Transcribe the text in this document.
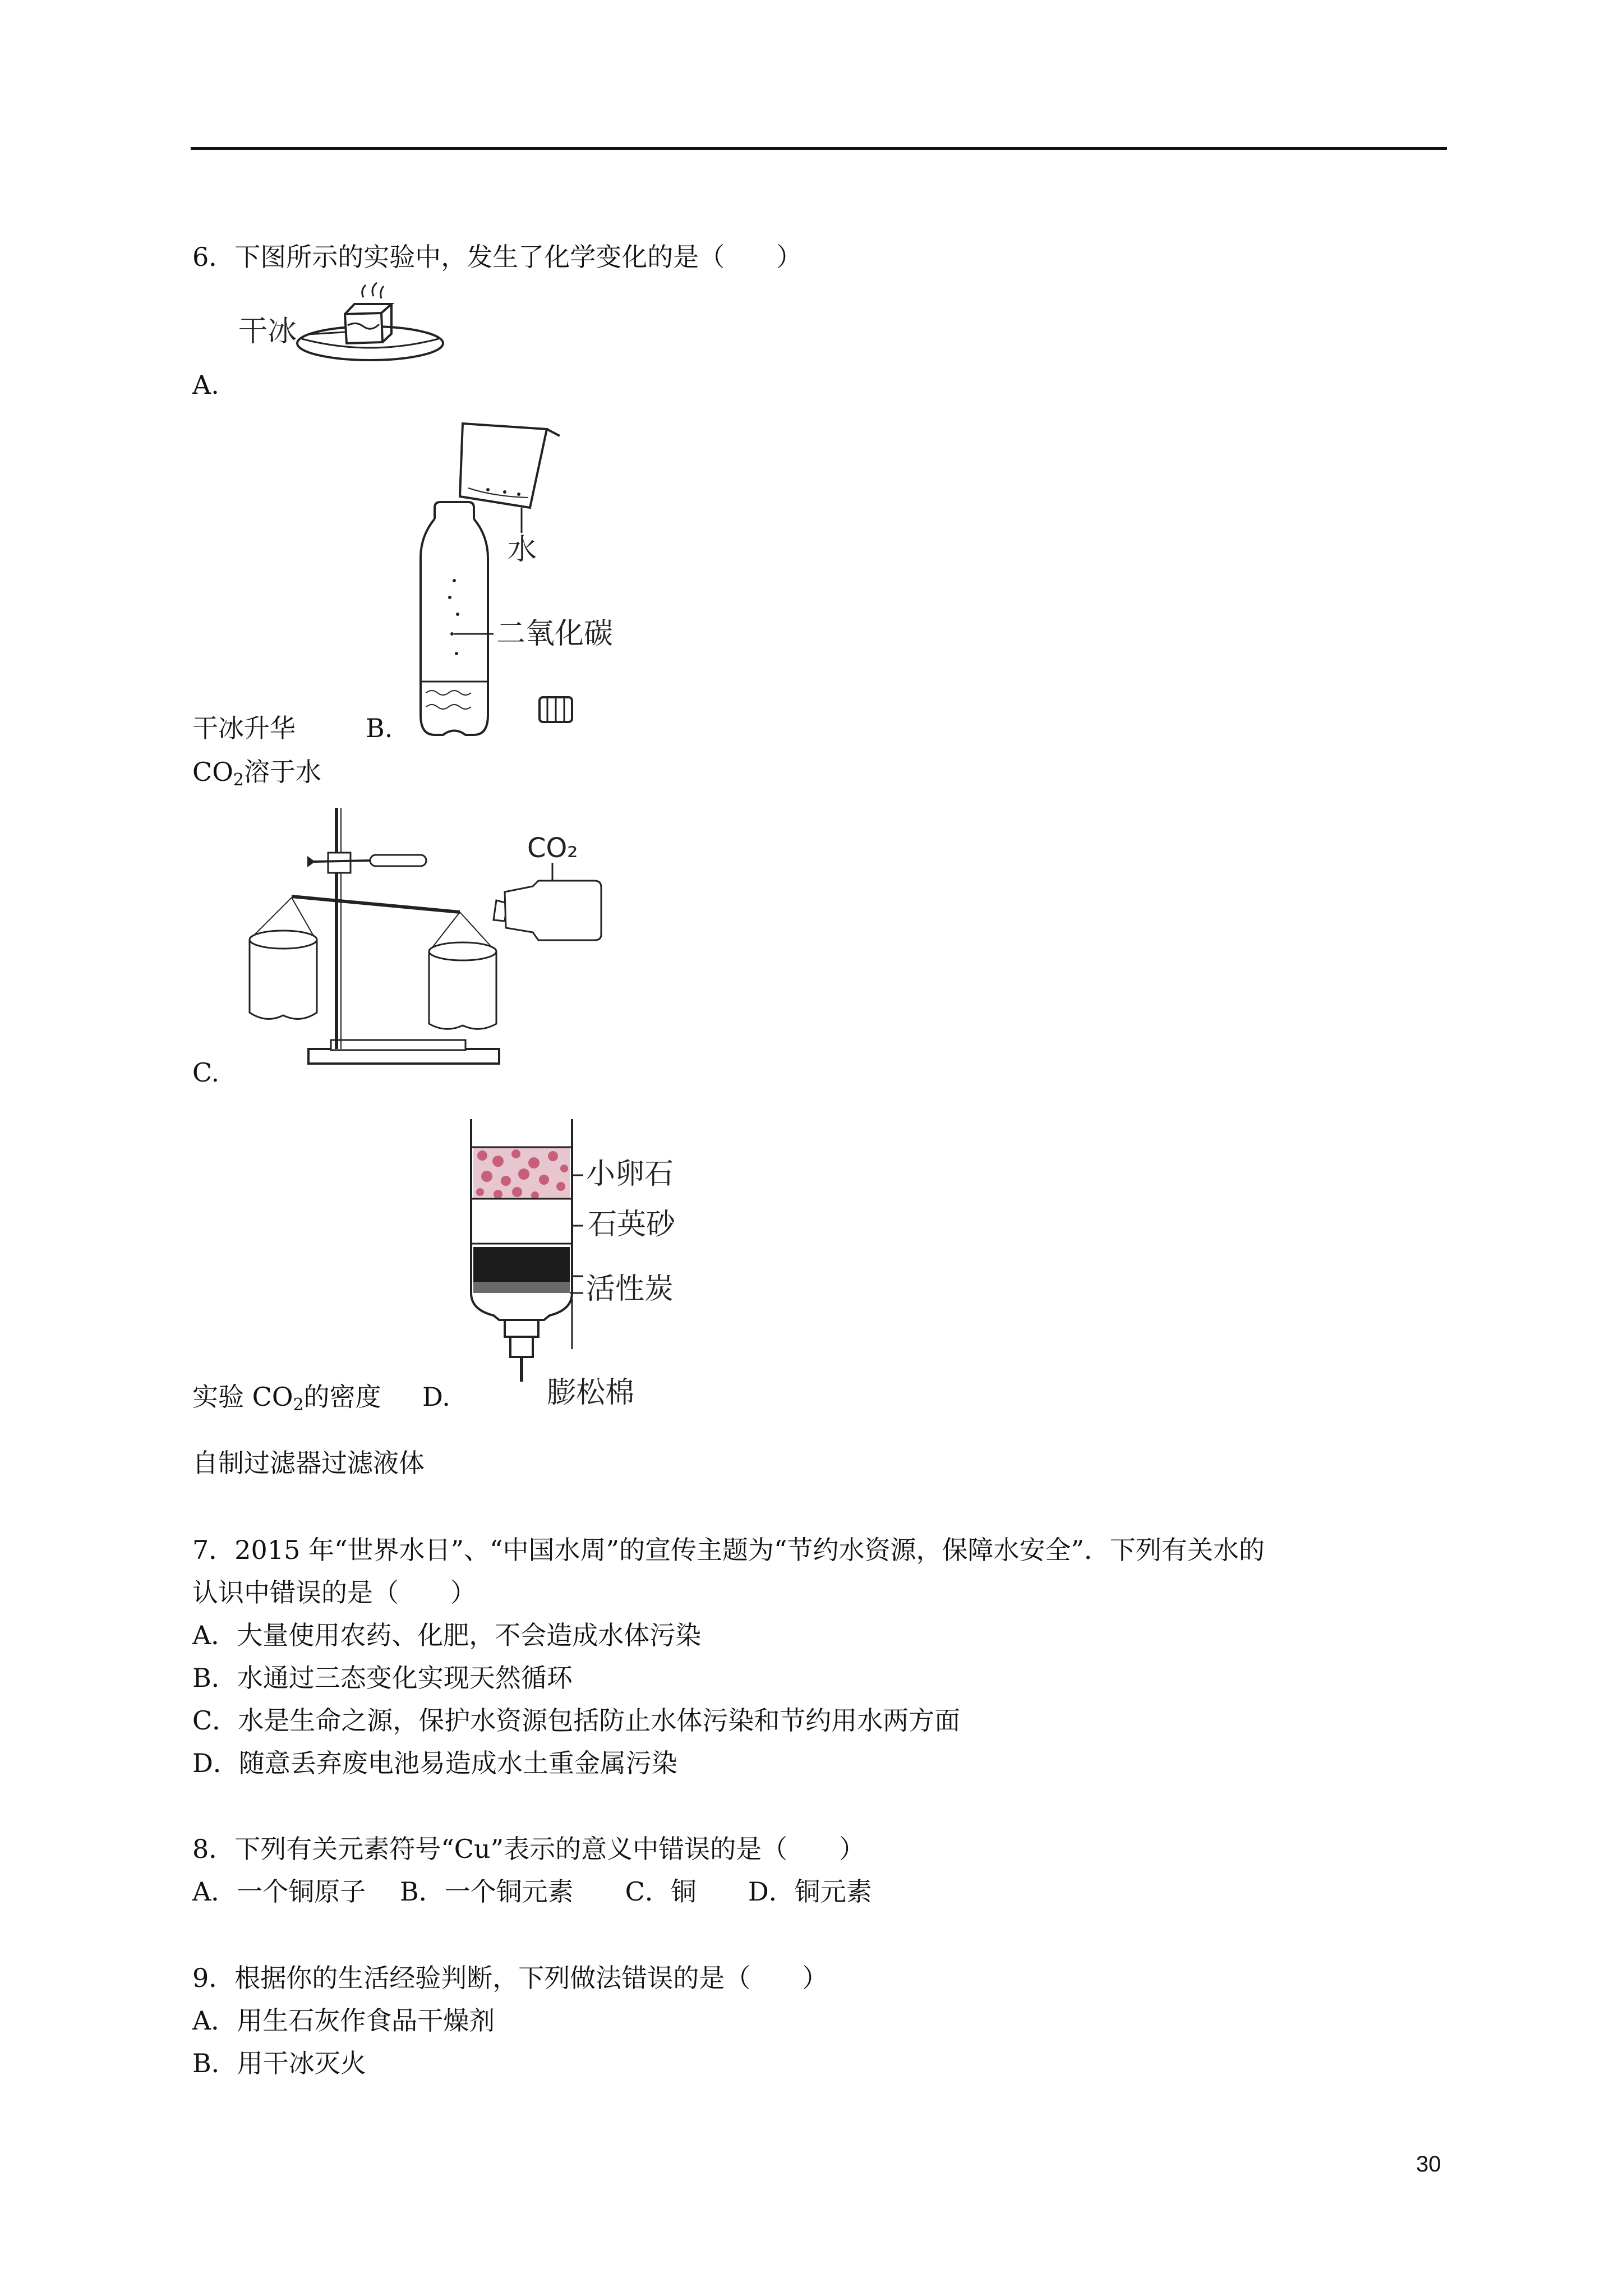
6．下图所示的实验中，发生了化学变化的是（　　）
干冰
A.
水
二氧化碳
干冰升华	B.
$CO_2$溶于水
CO₂
C.
小卵石
石英砂
活性炭
膨松棉
实验 $CO_2$的密度 D.
自制过滤器过滤液体
7．2015 年“世界水日”、“中国水周”的宣传主题为“节约水资源，保障水安全”．下列有关水的
认识中错误的是（　　）
A．大量使用农药、化肥，不会造成水体污染
B．水通过三态变化实现天然循环
C．水是生命之源，保护水资源包括防止水体污染和节约用水两方面
D．随意丢弃废电池易造成水土重金属污染
8．下列有关元素符号“Cu”表示的意义中错误的是（　　）
A．一个铜原子　 B．一个铜元素　　C．铜　　D．铜元素
9．根据你的生活经验判断，下列做法错误的是（　　）
A．用生石灰作食品干燥剂
B．用干冰灭火
30
